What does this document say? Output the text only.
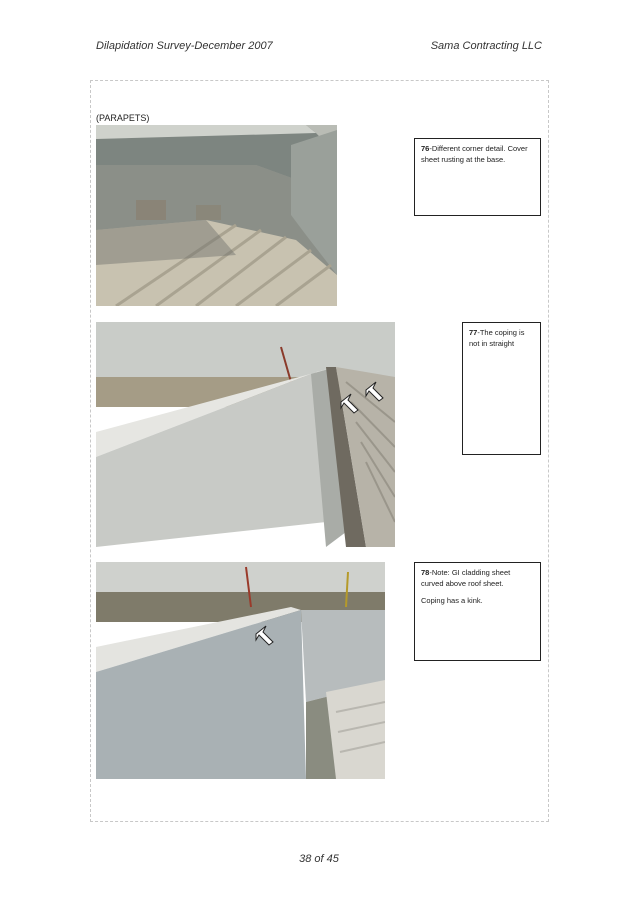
Dilapidation Survey-December 2007	Sama Contracting LLC
(PARAPETS)
76-Different corner detail. Cover sheet rusting at the base.
77-The coping is not in straight

78-Note: GI cladding sheet curved above roof sheet.

Coping has a kink.

38 of 45
